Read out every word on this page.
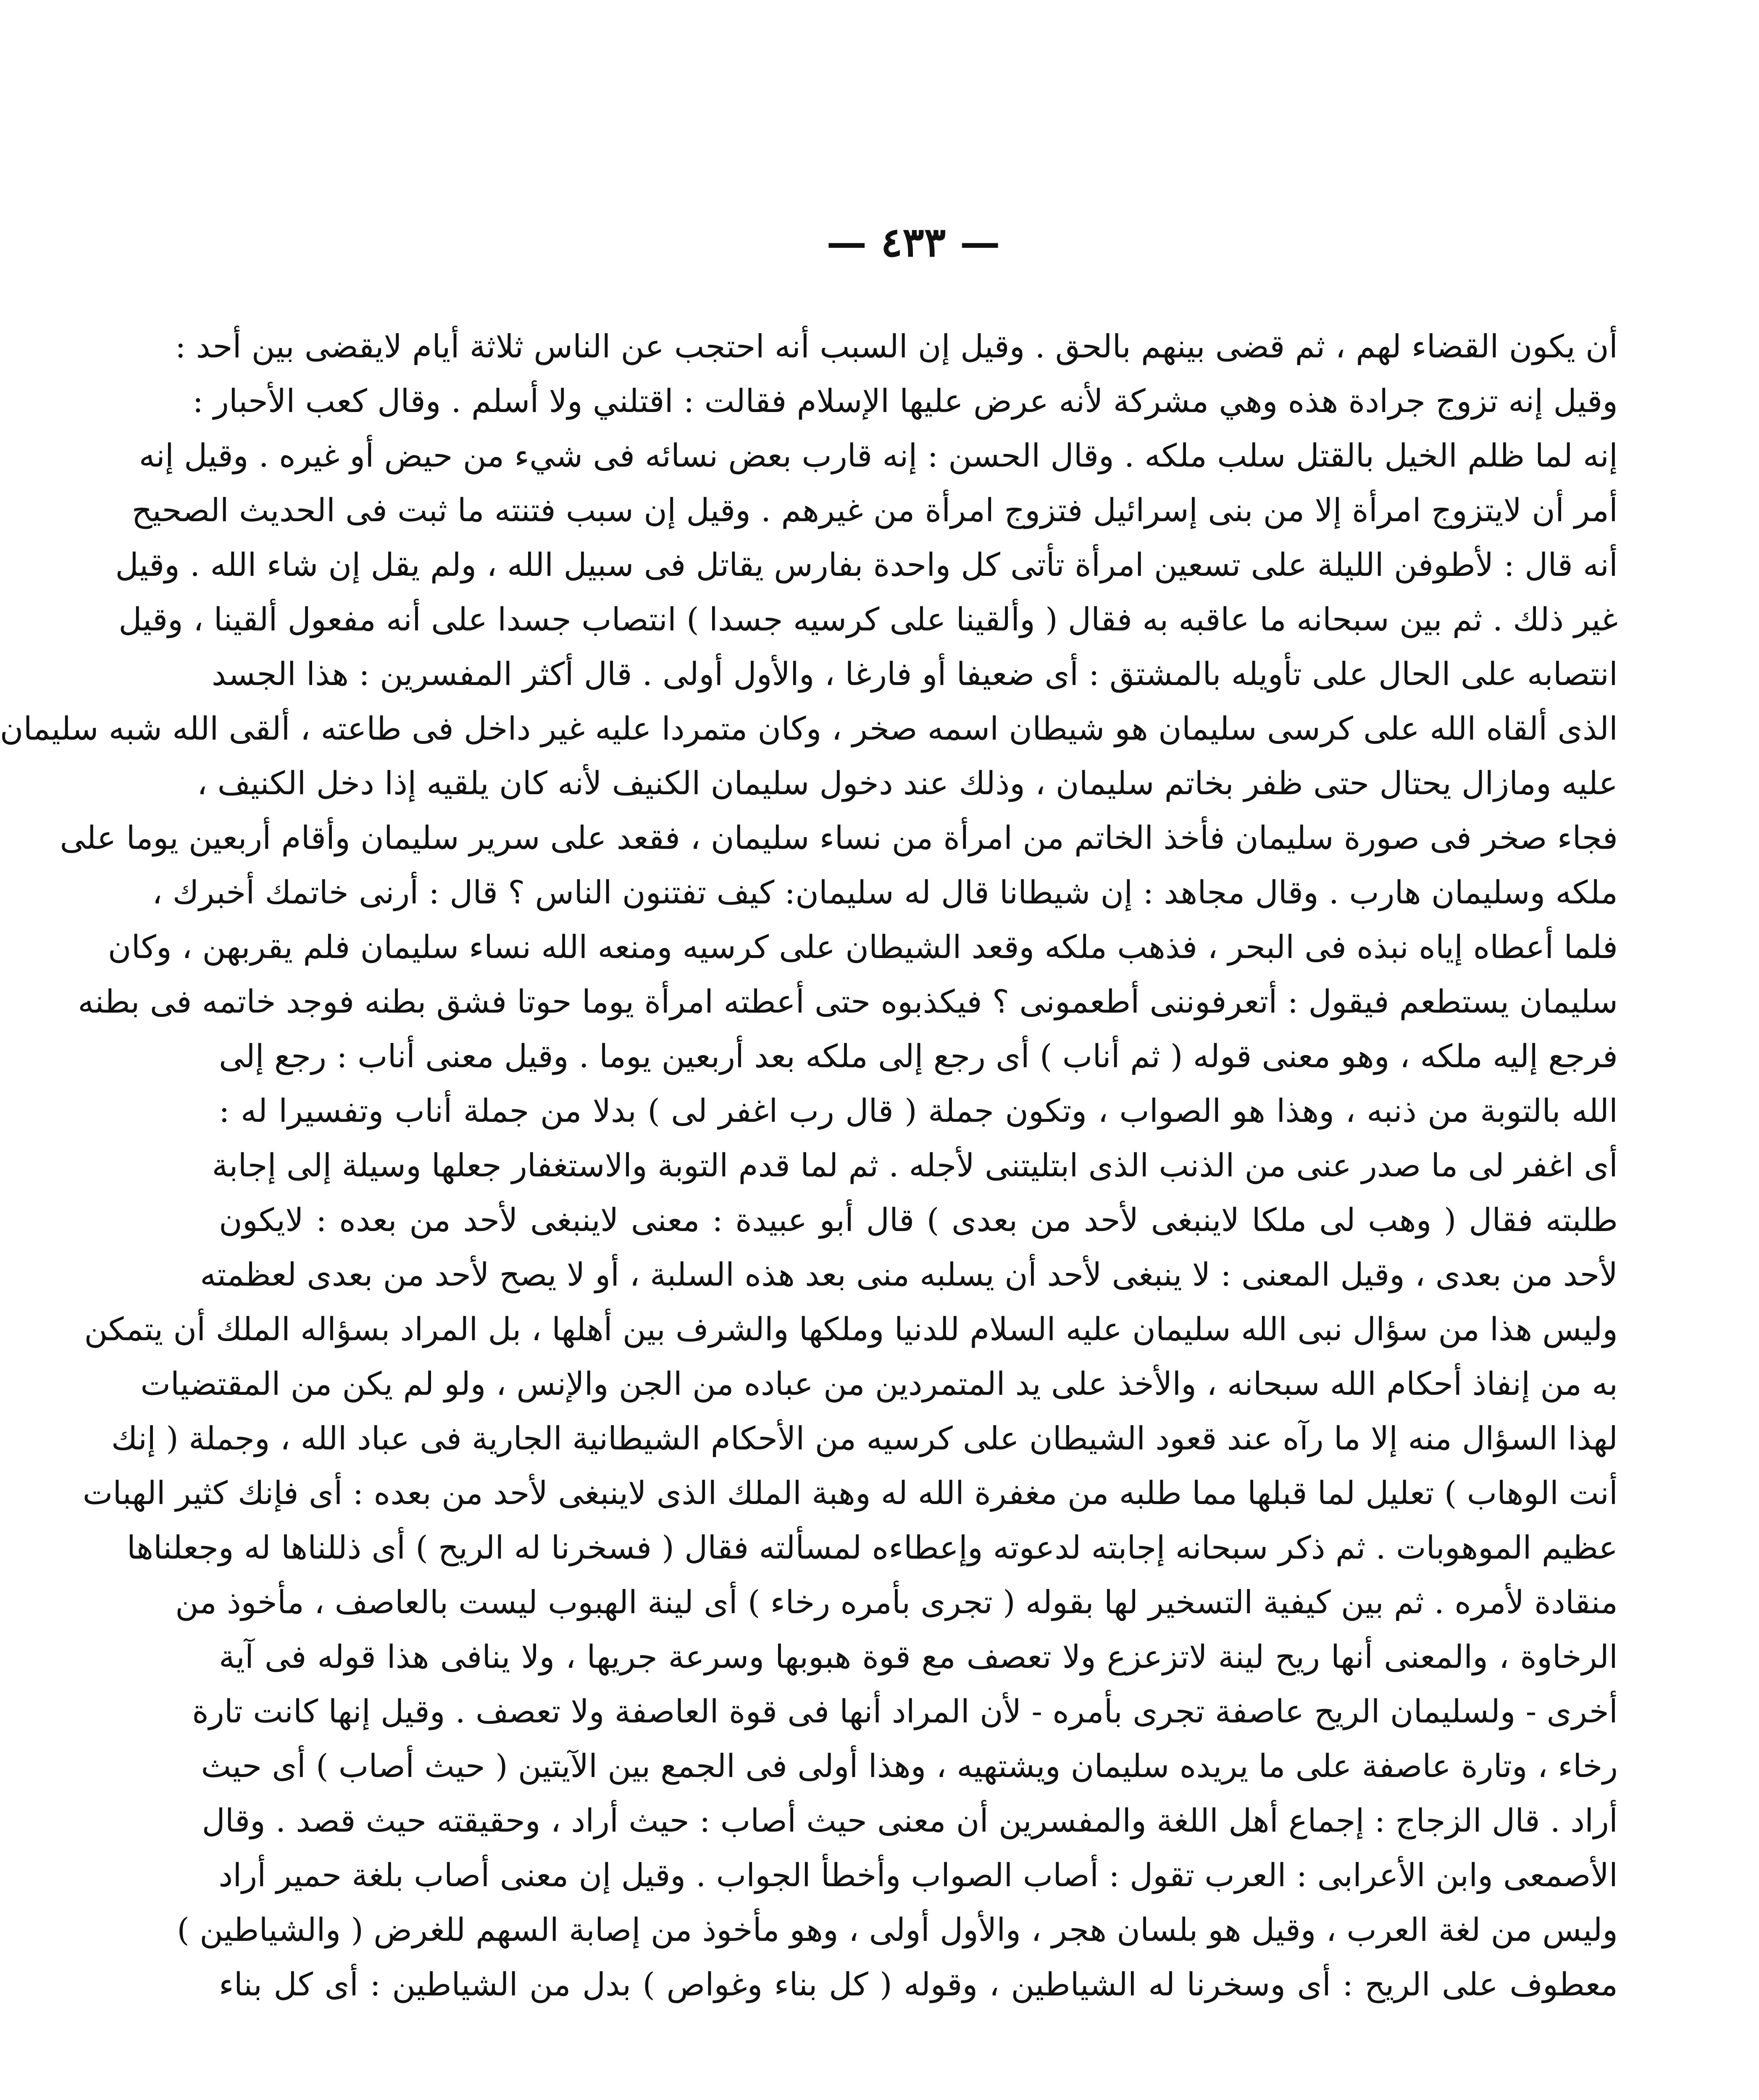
— ٤٣٣ —
أن يكون القضاء لهم ، ثم قضى بينهم بالحق . وقيل إن السبب أنه احتجب عن الناس ثلاثة أيام لايقضى بين أحد :
وقيل إنه تزوج جرادة هذه وهي مشركة لأنه عرض عليها الإسلام فقالت : اقتلني ولا أسلم . وقال كعب الأحبار :
إنه لما ظلم الخيل بالقتل سلب ملكه . وقال الحسن : إنه قارب بعض نسائه فى شيء من حيض أو غيره . وقيل إنه
أمر أن لايتزوج امرأة إلا من بنى إسرائيل فتزوج امرأة من غيرهم . وقيل إن سبب فتنته ما ثبت فى الحديث الصحيح
أنه قال : لأطوفن الليلة على تسعين امرأة تأتى كل واحدة بفارس يقاتل فى سبيل الله ، ولم يقل إن شاء الله . وقيل
غير ذلك . ثم بين سبحانه ما عاقبه به فقال ( وألقينا على كرسيه جسدا ) انتصاب جسدا على أنه مفعول ألقينا ، وقيل
انتصابه على الحال على تأويله بالمشتق : أى ضعيفا أو فارغا ، والأول أولى . قال أكثر المفسرين : هذا الجسد
الذى ألقاه الله على كرسى سليمان هو شيطان اسمه صخر ، وكان متمردا عليه غير داخل فى طاعته ، ألقى الله شبه سليمان
عليه ومازال يحتال حتى ظفر بخاتم سليمان ، وذلك عند دخول سليمان الكنيف لأنه كان يلقيه إذا دخل الكنيف ،
فجاء صخر فى صورة سليمان فأخذ الخاتم من امرأة من نساء سليمان ، فقعد على سرير سليمان وأقام أربعين يوما على
ملكه وسليمان هارب . وقال مجاهد : إن شيطانا قال له سليمان: كيف تفتنون الناس ؟ قال : أرنى خاتمك أخبرك ،
فلما أعطاه إياه نبذه فى البحر ، فذهب ملكه وقعد الشيطان على كرسيه ومنعه الله نساء سليمان فلم يقربهن ، وكان
سليمان يستطعم فيقول : أتعرفوننى أطعمونى ؟ فيكذبوه حتى أعطته امرأة يوما حوتا فشق بطنه فوجد خاتمه فى بطنه
فرجع إليه ملكه ، وهو معنى قوله ( ثم أناب ) أى رجع إلى ملكه بعد أربعين يوما . وقيل معنى أناب : رجع إلى
الله بالتوبة من ذنبه ، وهذا هو الصواب ، وتكون جملة ( قال رب اغفر لى ) بدلا من جملة أناب وتفسيرا له :
أى اغفر لى ما صدر عنى من الذنب الذى ابتليتنى لأجله . ثم لما قدم التوبة والاستغفار جعلها وسيلة إلى إجابة
طلبته فقال ( وهب لى ملكا لاينبغى لأحد من بعدى ) قال أبو عبيدة : معنى لاينبغى لأحد من بعده : لايكون
لأحد من بعدى ، وقيل المعنى : لا ينبغى لأحد أن يسلبه منى بعد هذه السلبة ، أو لا يصح لأحد من بعدى لعظمته
وليس هذا من سؤال نبى الله سليمان عليه السلام للدنيا وملكها والشرف بين أهلها ، بل المراد بسؤاله الملك أن يتمكن
به من إنفاذ أحكام الله سبحانه ، والأخذ على يد المتمردين من عباده من الجن والإنس ، ولو لم يكن من المقتضيات
لهذا السؤال منه إلا ما رآه عند قعود الشيطان على كرسيه من الأحكام الشيطانية الجارية فى عباد الله ، وجملة ( إنك
أنت الوهاب ) تعليل لما قبلها مما طلبه من مغفرة الله له وهبة الملك الذى لاينبغى لأحد من بعده : أى فإنك كثير الهبات
عظيم الموهوبات . ثم ذكر سبحانه إجابته لدعوته وإعطاءه لمسألته فقال ( فسخرنا له الريح ) أى ذللناها له وجعلناها
منقادة لأمره . ثم بين كيفية التسخير لها بقوله ( تجرى بأمره رخاء ) أى لينة الهبوب ليست بالعاصف ، مأخوذ من
الرخاوة ، والمعنى أنها ريح لينة لاتزعزع ولا تعصف مع قوة هبوبها وسرعة جريها ، ولا ينافى هذا قوله فى آية
أخرى - ولسليمان الريح عاصفة تجرى بأمره - لأن المراد أنها فى قوة العاصفة ولا تعصف . وقيل إنها كانت تارة
رخاء ، وتارة عاصفة على ما يريده سليمان ويشتهيه ، وهذا أولى فى الجمع بين الآيتين ( حيث أصاب ) أى حيث
أراد . قال الزجاج : إجماع أهل اللغة والمفسرين أن معنى حيث أصاب : حيث أراد ، وحقيقته حيث قصد . وقال
الأصمعى وابن الأعرابى : العرب تقول : أصاب الصواب وأخطأ الجواب . وقيل إن معنى أصاب بلغة حمير أراد
وليس من لغة العرب ، وقيل هو بلسان هجر ، والأول أولى ، وهو مأخوذ من إصابة السهم للغرض ( والشياطين )
معطوف على الريح : أى وسخرنا له الشياطين ، وقوله ( كل بناء وغواص ) بدل من الشياطين : أى كل بناء
